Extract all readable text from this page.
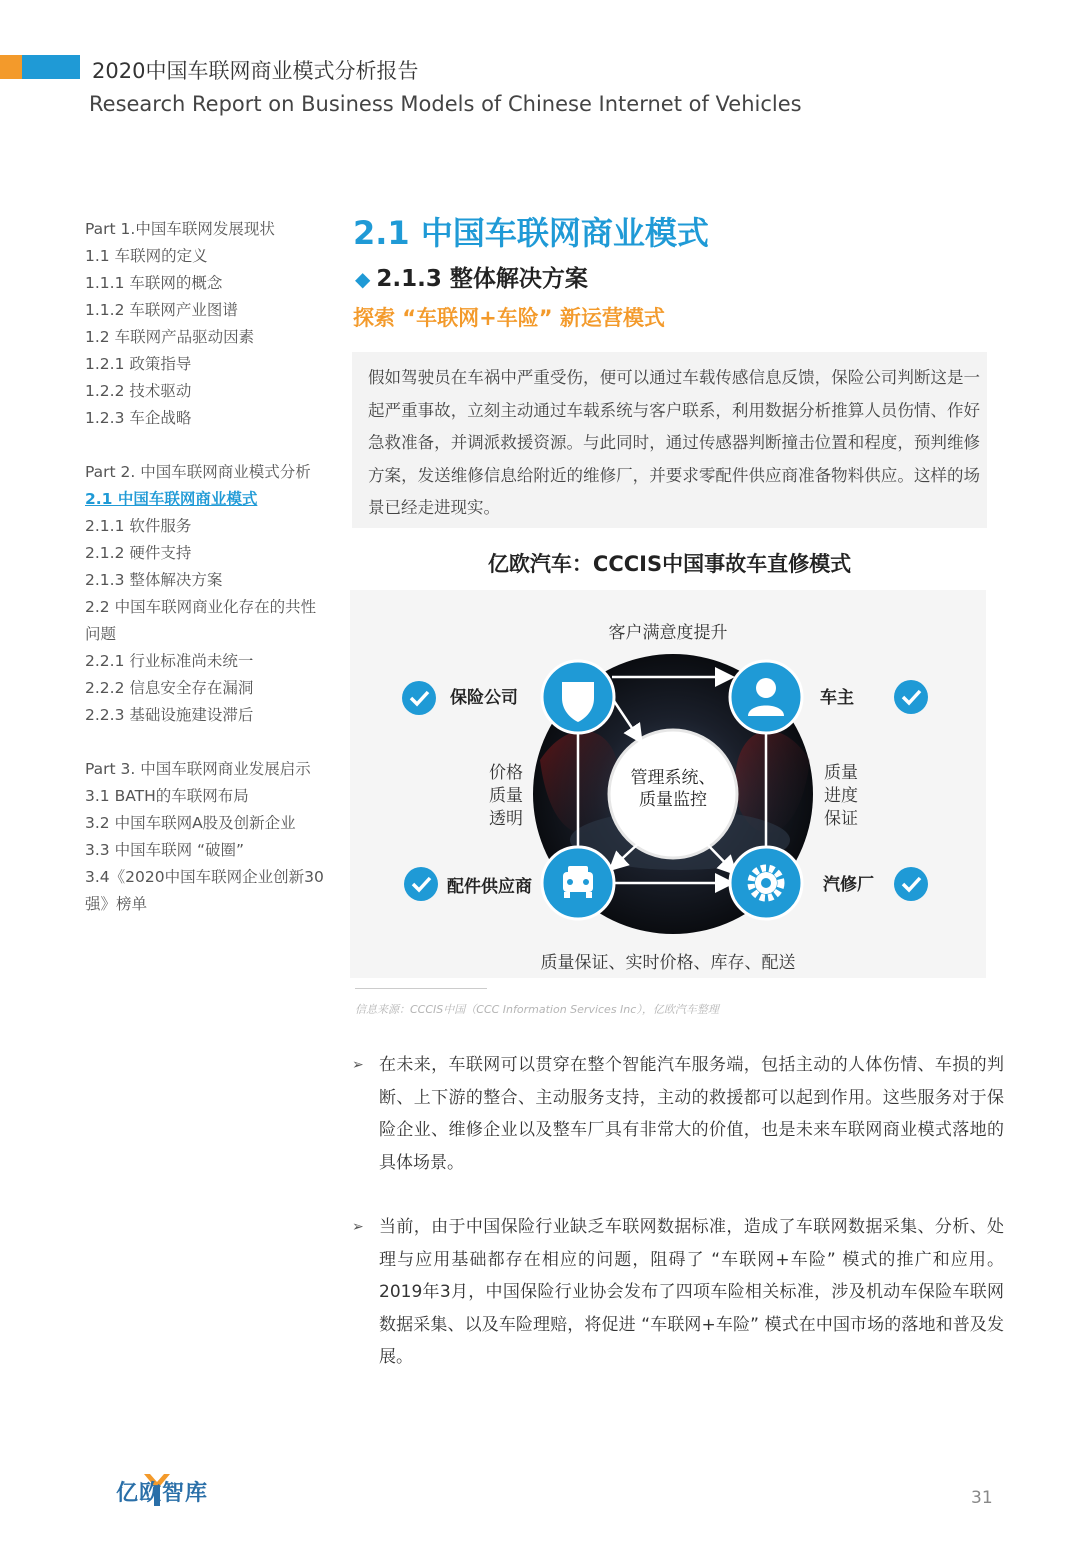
2020中国车联网商业模式分析报告
Research Report on Business Models of Chinese Internet of Vehicles
Part 1.中国车联网发展现状
1.1 车联网的定义
1.1.1 车联网的概念
1.1.2 车联网产业图谱
1.2 车联网产品驱动因素
1.2.1 政策指导
1.2.2 技术驱动
1.2.3 车企战略
Part 2. 中国车联网商业模式分析
2.1 中国车联网商业模式
2.1.1 软件服务
2.1.2 硬件支持
2.1.3 整体解决方案
2.2 中国车联网商业化存在的共性问题
2.2.1 行业标准尚未统一
2.2.2 信息安全存在漏洞
2.2.3 基础设施建设滞后
Part 3. 中国车联网商业发展启示
3.1 BATH的车联网布局
3.2 中国车联网A股及创新企业
3.3 中国车联网 “破圈”
3.4《2020中国车联网企业创新30强》榜单
2.1 中国车联网商业模式
◆ 2.1.3 整体解决方案
探索 “车联网+车险” 新运营模式
假如驾驶员在车祸中严重受伤，便可以通过车载传感信息反馈，保险公司判断这是一起严重事故，立刻主动通过车载系统与客户联系，利用数据分析推算人员伤情、作好急救准备，并调派救援资源。与此同时，通过传感器判断撞击位置和程度，预判维修方案，发送维修信息给附近的维修厂，并要求零配件供应商准备物料供应。这样的场景已经走进现实。
亿欧汽车：CCCIS中国事故车直修模式
客户满意度提升
质量保证、实时价格、库存、配送
管理系统、
质量监控
价格
质量
透明
质量
进度
保证
保险公司	车主
配件供应商	汽修厂
信息来源：CCCIS中国（CCC Information Services Inc），亿欧汽车整理
➢ 在未来，车联网可以贯穿在整个智能汽车服务端，包括主动的人体伤情、车损的判断、上下游的整合、主动服务支持，主动的救援都可以起到作用。这些服务对于保险企业、维修企业以及整车厂具有非常大的价值，也是未来车联网商业模式落地的具体场景。
➢ 当前，由于中国保险行业缺乏车联网数据标准，造成了车联网数据采集、分析、处理与应用基础都存在相应的问题，阻碍了 “车联网+车险” 模式的推广和应用。2019年3月，中国保险行业协会发布了四项车险相关标准，涉及机动车保险车联网数据采集、以及车险理赔，将促进 “车联网+车险” 模式在中国市场的落地和普及发展。
亿欧智库	31
